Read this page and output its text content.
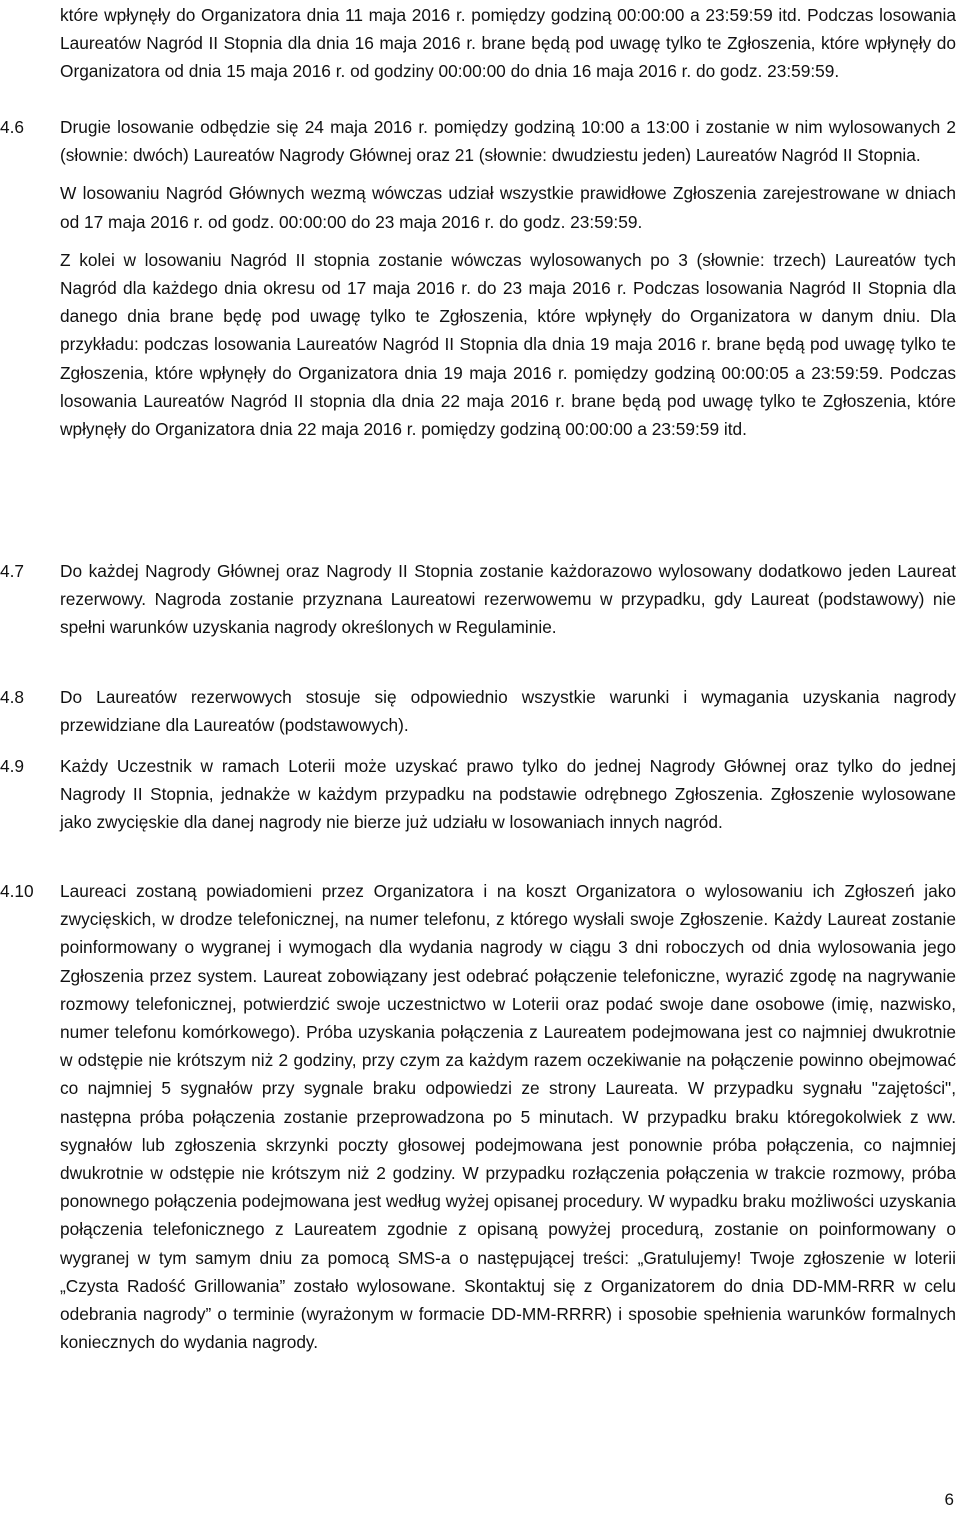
które wpłynęły do Organizatora dnia 11 maja 2016 r. pomiędzy godziną 00:00:00 a 23:59:59 itd. Podczas losowania Laureatów Nagród II Stopnia dla dnia 16 maja 2016 r. brane będą pod uwagę tylko te Zgłoszenia, które wpłynęły do Organizatora od dnia 15 maja 2016 r. od godziny 00:00:00 do dnia 16 maja 2016 r. do godz. 23:59:59.

4.6	Drugie losowanie odbędzie się 24 maja 2016 r. pomiędzy godziną 10:00 a 13:00 i zostanie w nim wylosowanych 2 (słownie: dwóch) Laureatów Nagrody Głównej oraz 21 (słownie: dwudziestu jeden) Laureatów Nagród II Stopnia.

W losowaniu Nagród Głównych wezmą wówczas udział wszystkie prawidłowe Zgłoszenia zarejestrowane w dniach od 17 maja 2016 r. od godz. 00:00:00 do 23 maja 2016 r. do godz. 23:59:59.

Z kolei w losowaniu Nagród II stopnia zostanie wówczas wylosowanych po 3 (słownie: trzech) Laureatów tych Nagród dla każdego dnia okresu od 17 maja 2016 r. do 23 maja 2016 r. Podczas losowania Nagród II Stopnia dla danego dnia brane będę pod uwagę tylko te Zgłoszenia, które wpłynęły do Organizatora w danym dniu. Dla przykładu: podczas losowania Laureatów Nagród II Stopnia dla dnia 19 maja 2016 r. brane będą pod uwagę tylko te Zgłoszenia, które wpłynęły do Organizatora dnia 19 maja 2016 r. pomiędzy godziną 00:00:05 a 23:59:59. Podczas losowania Laureatów Nagród II stopnia dla dnia 22 maja 2016 r. brane będą pod uwagę tylko te Zgłoszenia, które wpłynęły do Organizatora dnia 22 maja 2016 r. pomiędzy godziną 00:00:00 a 23:59:59 itd.

4.7	Do każdej Nagrody Głównej oraz Nagrody II Stopnia zostanie każdorazowo wylosowany dodatkowo jeden Laureat rezerwowy. Nagroda zostanie przyznana Laureatowi rezerwowemu w przypadku, gdy Laureat (podstawowy) nie spełni warunków uzyskania nagrody określonych w Regulaminie.

4.8	Do Laureatów rezerwowych stosuje się odpowiednio wszystkie warunki i wymagania uzyskania nagrody przewidziane dla Laureatów (podstawowych).

4.9	Każdy Uczestnik w ramach Loterii może uzyskać prawo tylko do jednej Nagrody Głównej oraz tylko do jednej Nagrody II Stopnia, jednakże w każdym przypadku na podstawie odrębnego Zgłoszenia. Zgłoszenie wylosowane jako zwycięskie dla danej nagrody nie bierze już udziału w losowaniach innych nagród.

4.10	Laureaci zostaną powiadomieni przez Organizatora i na koszt Organizatora o wylosowaniu ich Zgłoszeń jako zwycięskich, w drodze telefonicznej, na numer telefonu, z którego wysłali swoje Zgłoszenie. Każdy Laureat zostanie poinformowany o wygranej i wymogach dla wydania nagrody w ciągu 3 dni roboczych od dnia wylosowania jego Zgłoszenia przez system. Laureat zobowiązany jest odebrać połączenie telefoniczne, wyrazić zgodę na nagrywanie rozmowy telefonicznej, potwierdzić swoje uczestnictwo w Loterii oraz podać swoje dane osobowe (imię, nazwisko, numer telefonu komórkowego). Próba uzyskania połączenia z Laureatem podejmowana jest co najmniej dwukrotnie w odstępie nie krótszym niż 2 godziny, przy czym za każdym razem oczekiwanie na połączenie powinno obejmować co najmniej 5 sygnałów przy sygnale braku odpowiedzi ze strony Laureata. W przypadku sygnału "zajętości", następna próba połączenia zostanie przeprowadzona po 5 minutach. W przypadku braku któregokolwiek z ww. sygnałów lub zgłoszenia skrzynki poczty głosowej podejmowana jest ponownie próba połączenia, co najmniej dwukrotnie w odstępie nie krótszym niż 2 godziny. W przypadku rozłączenia połączenia w trakcie rozmowy, próba ponownego połączenia podejmowana jest według wyżej opisanej procedury. W wypadku braku możliwości uzyskania połączenia telefonicznego z Laureatem zgodnie z opisaną powyżej procedurą, zostanie on poinformowany o wygranej w tym samym dniu za pomocą SMS-a o następującej treści: „Gratulujemy! Twoje zgłoszenie w loterii „Czysta Radość Grillowania” zostało wylosowane. Skontaktuj się z Organizatorem do dnia DD-MM-RRR w celu odebrania nagrody” o terminie (wyrażonym w formacie DD-MM-RRRR) i sposobie spełnienia warunków formalnych koniecznych do wydania nagrody.

6
